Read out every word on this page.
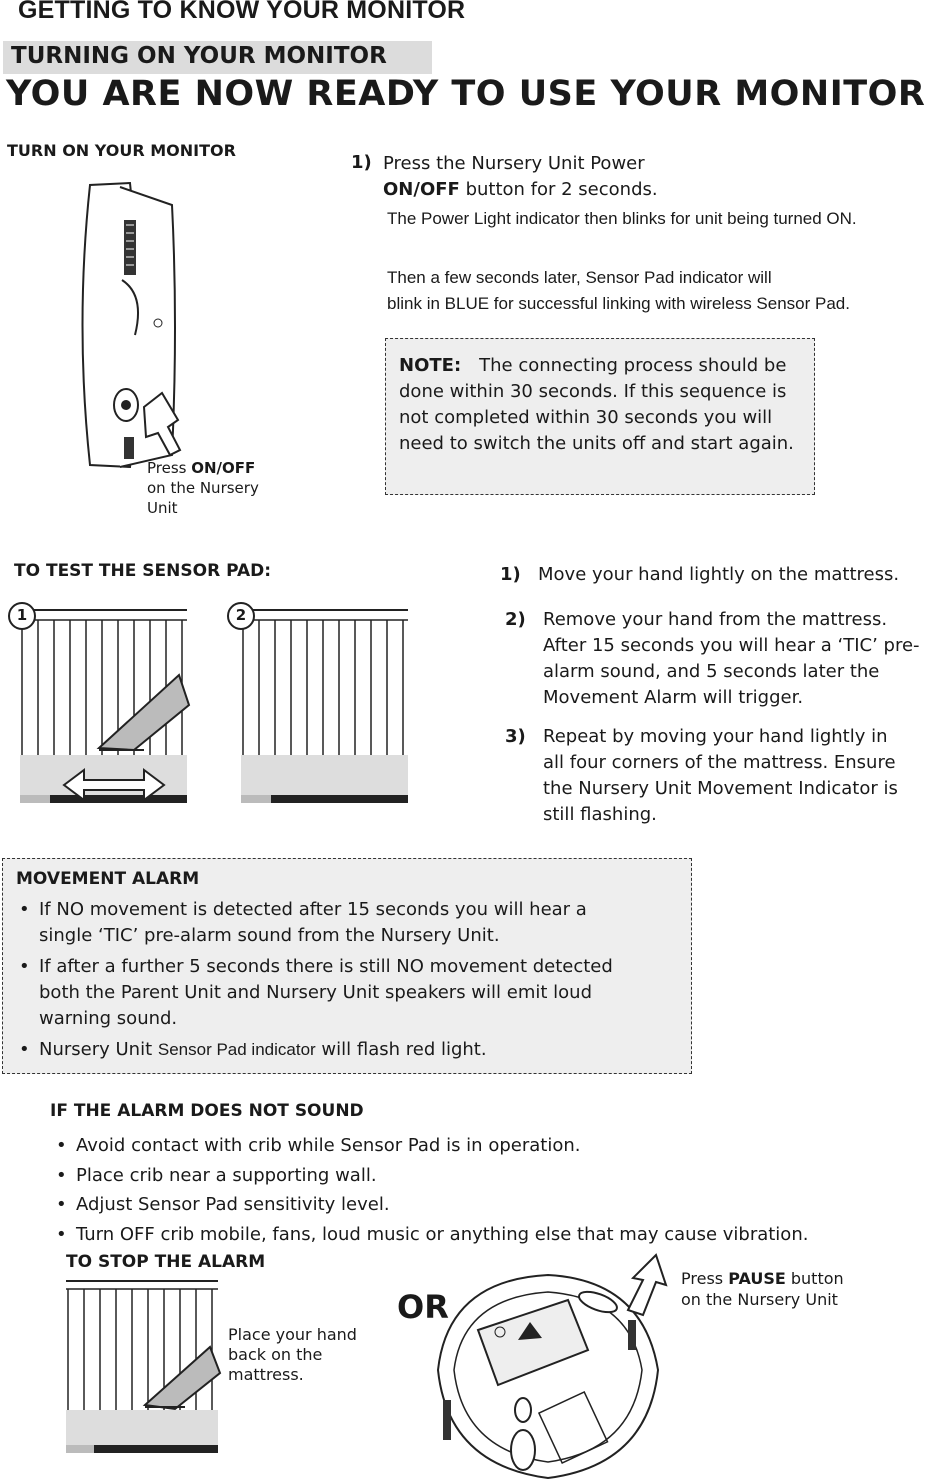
GETTING TO KNOW YOUR MONITOR
TURNING ON YOUR MONITOR
YOU ARE NOW READY TO USE YOUR MONITOR
TURN ON YOUR MONITOR
Press ON/OFF
on the Nursery
Unit
1) Press the Nursery Unit Power
ON/OFF button for 2 seconds.
The Power Light indicator then blinks for unit being turned ON.
Then a few seconds later, Sensor Pad indicator will
blink in BLUE for successful linking with wireless Sensor Pad.

NOTE: The connecting process should be done within 30 seconds. If this sequence is not completed within 30 seconds you will need to switch the units off and start again.

TO TEST THE SENSOR PAD:
1	2
1) Move your hand lightly on the mattress.
2) Remove your hand from the mattress. After 15 seconds you will hear a ‘TIC’ pre-alarm sound, and 5 seconds later the Movement Alarm will trigger.
3) Repeat by moving your hand lightly in all four corners of the mattress. Ensure the Nursery Unit Movement Indicator is still flashing.
MOVEMENT ALARM
• If NO movement is detected after 15 seconds you will hear a single ‘TIC’ pre-alarm sound from the Nursery Unit.
• If after a further 5 seconds there is still NO movement detected both the Parent Unit and Nursery Unit speakers will emit loud warning sound.
• Nursery Unit Sensor Pad indicator will flash red light.
IF THE ALARM DOES NOT SOUND
• Avoid contact with crib while Sensor Pad is in operation.
• Place crib near a supporting wall.
• Adjust Sensor Pad sensitivity level.
• Turn OFF crib mobile, fans, loud music or anything else that may cause vibration.
TO STOP THE ALARM
Place your hand back on the mattress.
OR
Press PAUSE button
on the Nursery Unit
